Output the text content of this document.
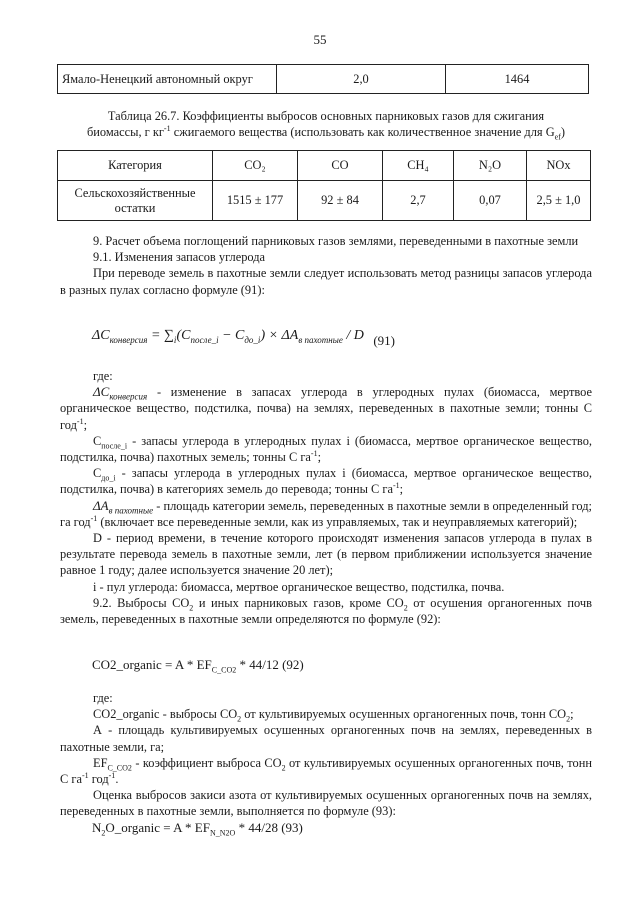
55
Ямало-Ненецкий автономный округ	2,0	1464
Таблица 26.7. Коэффициенты выбросов основных парниковых газов для сжигания
биомассы, г $кг^{-1}$ сжигаемого вещества (использовать как количественное значение для $G_{ef}$)
Категория	CO₂	CO	CH₄	N₂O	NOx
Сельскохозяйственные остатки	1515 ± 177	92 ± 84	2,7	0,07	2,5 ± 1,0

9. Расчет объема поглощений парниковых газов землями, переведенными в пахотные земли

9.1. Изменения запасов углерода

При переводе земель в пахотные земли следует использовать метод разницы запасов углерода в разных пулах согласно формуле (91):

$\Delta C_{конверсия} = \sum_i(C_{после\_i} - C_{до\_i}) \times \Delta A_{в пахотные} / D$ (91)

где:

$\Delta C_{конверсия}$ - изменение в запасах углерода в углеродных пулах (биомасса, мертвое органическое вещество, подстилка, почва) на землях, переведенных в пахотные земли; тонны С год$^{-1}$;

$C_{после\_i}$ - запасы углерода в углеродных пулах i (биомасса, мертвое органическое вещество, подстилка, почва) пахотных земель; тонны С $га^{-1}$;

$C_{до\_i}$ - запасы углерода в углеродных пулах i (биомасса, мертвое органическое вещество, подстилка, почва) в категориях земель до перевода; тонны С $га^{-1}$;

$\Delta A_{в пахотные}$ - площадь категории земель, переведенных в пахотные земли в определенный год; га год$^{-1}$ (включает все переведенные земли, как из управляемых, так и неуправляемых категорий);

D - период времени, в течение которого происходят изменения запасов углерода в пулах в результате перевода земель в пахотные земли, лет (в первом приближении используется значение равное 1 году; далее используется значение 20 лет);

i - пул углерода: биомасса, мертвое органическое вещество, подстилка, почва.

9.2. Выбросы $CO_2$ и иных парниковых газов, кроме $CO_2$ от осушения органогенных почв земель, переведенных в пахотные земли определяются по формуле (92):

CO2_organic = A * $EF_{C\_CO2} * 44/12$ (92)

где:

CO2_organic - выбросы $CO_2$ от культивируемых осушенных органогенных почв, тонн $CO_2$;

А - площадь культивируемых осушенных органогенных почв на землях, переведенных в пахотные земли, га;

$EF_{C\_CO2}$ - коэффициент выброса $CO_2$ от культивируемых осушенных органогенных почв, тонн С $га^{-1}$ год$^{-1}$.

Оценка выбросов закиси азота от культивируемых осушенных органогенных почв на землях, переведенных в пахотные земли, выполняется по формуле (93):

$N_2O\_organic = A * EF_{N\_N2O} * 44/28$ (93)
